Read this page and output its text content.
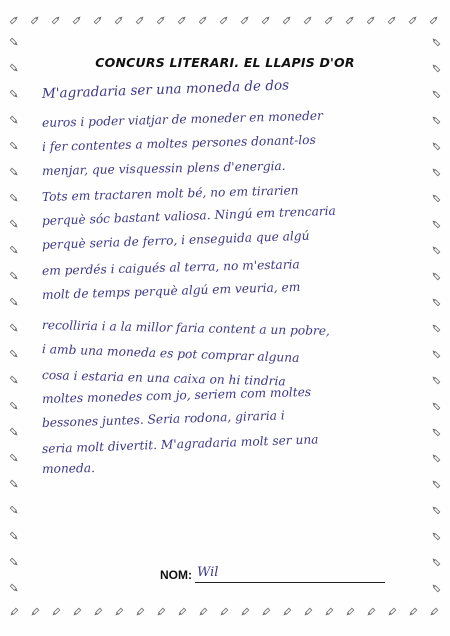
CONCURS LITERARI. EL LLAPIS D'OR
M'agradaria ser una moneda de dos
euros i poder viatjar de moneder en moneder
i fer contentes a moltes persones donant-los
menjar, que visquessin plens d'energia.
Tots em tractaren molt bé, no em tirarien
perquè sóc bastant valiosa. Ningú em trencaria
perquè seria de ferro, i enseguida que algú
em perdés i caigués al terra, no m'estaria
molt de temps perquè algú em veuria, em
recolliria i a la millor faria content a un pobre,
i amb una moneda es pot comprar alguna
cosa i estaria en una caixa on hi tindria
moltes monedes com jo, seriem com moltes
bessones juntes. Seria rodona, giraria i
seria molt divertit. M'agradaria molt ser una
moneda.
NOM: Wil
